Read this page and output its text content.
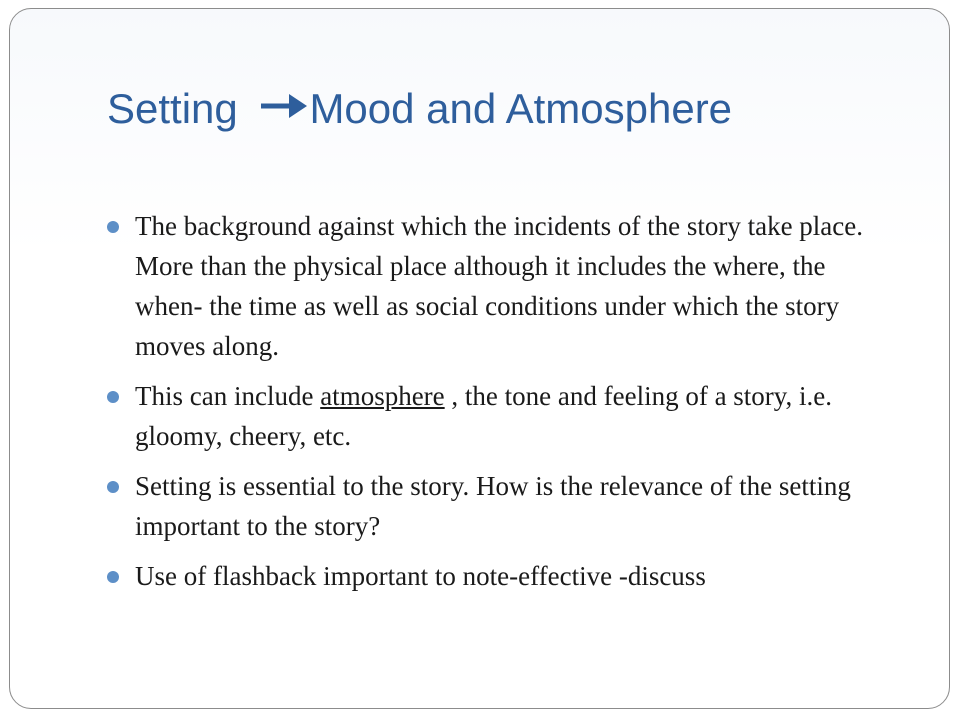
Setting Mood and Atmosphere
The background against which the incidents of the story take place. More than the physical place although it includes the where, the when- the time as well as social conditions under which the story moves along.
This can include atmosphere , the tone and feeling of a story, i.e. gloomy, cheery, etc.
Setting is essential to the story. How is the relevance of the setting important to the story?
Use of flashback important to note-effective -discuss
